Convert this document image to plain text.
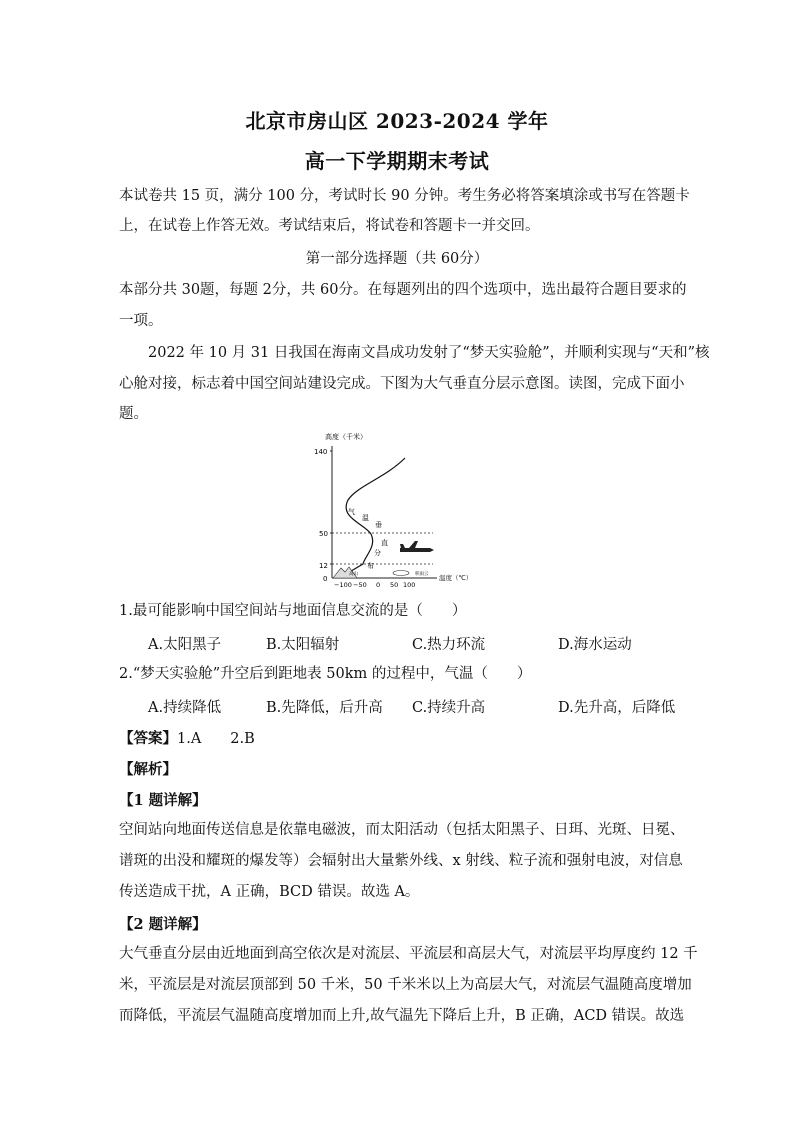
北京市房山区 2023-2024 学年
高一下学期期末考试
本试卷共 15 页，满分 100 分，考试时长 90 分钟。考生务必将答案填涂或书写在答题卡
上，在试卷上作答无效。考试结束后，将试卷和答题卡一并交回。
第一部分选择题（共 60分）
本部分共 30题，每题 2分，共 60分。在每题列出的四个选项中，选出最符合题目要求的
一项。
2022 年 10 月 31 日我国在海南文昌成功发射了“梦天实验舱”，并顺利实现与“天和”核
心舱对接，标志着中国空间站建设完成。下图为大气垂直分层示意图。读图，完成下面小
题。
高度（千米）
140
50
12
0
气
温
垂
直
分
布
高山	积雨云
−100 −50 0 50 100
温度（℃）
1.最可能影响中国空间站与地面信息交流的是（　　）
A.太阳黑子	B.太阳辐射	C.热力环流	D.海水运动
2.“梦天实验舱”升空后到距地表 50km 的过程中，气温（　　）
A.持续降低	B.先降低，后升高 C.持续升高	D.先升高，后降低
【答案】1.A　　2.B
【解析】
【1 题详解】
空间站向地面传送信息是依靠电磁波，而太阳活动（包括太阳黑子、日珥、光斑、日冕、
谱斑的出没和耀斑的爆发等）会辐射出大量紫外线、x 射线、粒子流和强射电波，对信息
传送造成干扰，A 正确，BCD 错误。故选 A。
【2 题详解】
大气垂直分层由近地面到高空依次是对流层、平流层和高层大气，对流层平均厚度约 12 千
米，平流层是对流层顶部到 50 千米，50 千米米以上为高层大气，对流层气温随高度增加
而降低，平流层气温随高度增加而上升,故气温先下降后上升，B 正确，ACD 错误。故选
